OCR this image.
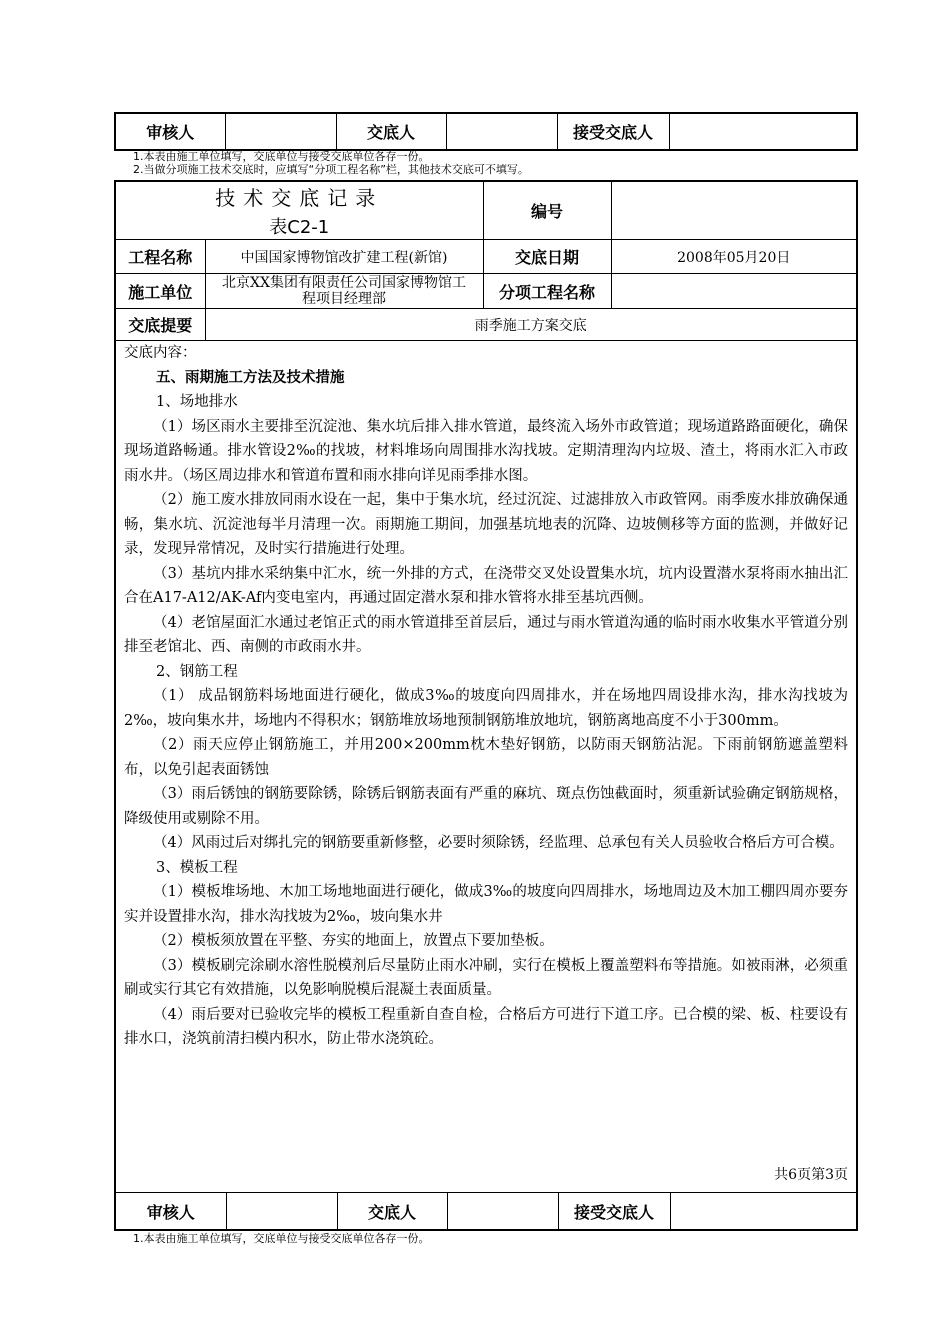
审核人		交底人		接受交底人	
1.本表由施工单位填写，交底单位与接受交底单位各存一份。
2.当做分项施工技术交底时，应填写“分项工程名称”栏，其他技术交底可不填写。
技术交底记录
表C2-1
	编号	
工程名称	中国国家博物馆改扩建工程(新馆)	交底日期	2008年05月20日
施工单位	北京XX集团有限责任公司国家博物馆工程项目经理部	分项工程名称	
交底提要	雨季施工方案交底

交底内容：

五、雨期施工方法及技术措施

1、场地排水

（1）场区雨水主要排至沉淀池、集水坑后排入排水管道，最终流入场外市政管道；现场道路路面硬化，确保现场道路畅通。排水管设2‰的找坡，材料堆场向周围排水沟找坡。定期清理沟内垃圾、渣土，将雨水汇入市政雨水井。（场区周边排水和管道布置和雨水排向详见雨季排水图。

（2）施工废水排放同雨水设在一起，集中于集水坑，经过沉淀、过滤排放入市政管网。雨季废水排放确保通畅，集水坑、沉淀池每半月清理一次。雨期施工期间，加强基坑地表的沉降、边坡侧移等方面的监测，并做好记录，发现异常情况，及时实行措施进行处理。

（3）基坑内排水采纳集中汇水，统一外排的方式，在浇带交叉处设置集水坑，坑内设置潜水泵将雨水抽出汇合在A17-A12/AK-Af内变电室内，再通过固定潜水泵和排水管将水排至基坑西侧。

（4）老馆屋面汇水通过老馆正式的雨水管道排至首层后，通过与雨水管道沟通的临时雨水收集水平管道分别排至老馆北、西、南侧的市政雨水井。

2、钢筋工程

（1） 成品钢筋料场地面进行硬化，做成3‰的坡度向四周排水，并在场地四周设排水沟，排水沟找坡为2‰，坡向集水井，场地内不得积水；钢筋堆放场地预制钢筋堆放地坑，钢筋离地高度不小于300mm。

（2）雨天应停止钢筋施工，并用200×200mm枕木垫好钢筋，以防雨天钢筋沾泥。下雨前钢筋遮盖塑料布，以免引起表面锈蚀

（3）雨后锈蚀的钢筋要除锈，除锈后钢筋表面有严重的麻坑、斑点伤蚀截面时，须重新试验确定钢筋规格，降级使用或剔除不用。

（4）风雨过后对绑扎完的钢筋要重新修整，必要时须除锈，经监理、总承包有关人员验收合格后方可合模。

3、模板工程

（1）模板堆场地、木加工场地地面进行硬化，做成3‰的坡度向四周排水，场地周边及木加工棚四周亦要夯实并设置排水沟，排水沟找坡为2‰，坡向集水井

（2）模板须放置在平整、夯实的地面上，放置点下要加垫板。

（3）模板刷完涂刷水溶性脱模剂后尽量防止雨水冲刷，实行在模板上覆盖塑料布等措施。如被雨淋，必须重刷或实行其它有效措施，以免影响脱模后混凝土表面质量。

（4）雨后要对已验收完毕的模板工程重新自查自检，合格后方可进行下道工序。已合模的梁、板、柱要设有排水口，浇筑前清扫模内积水，防止带水浇筑砼。

共6页第3页

审核人		交底人		接受交底人	
1.本表由施工单位填写，交底单位与接受交底单位各存一份。
